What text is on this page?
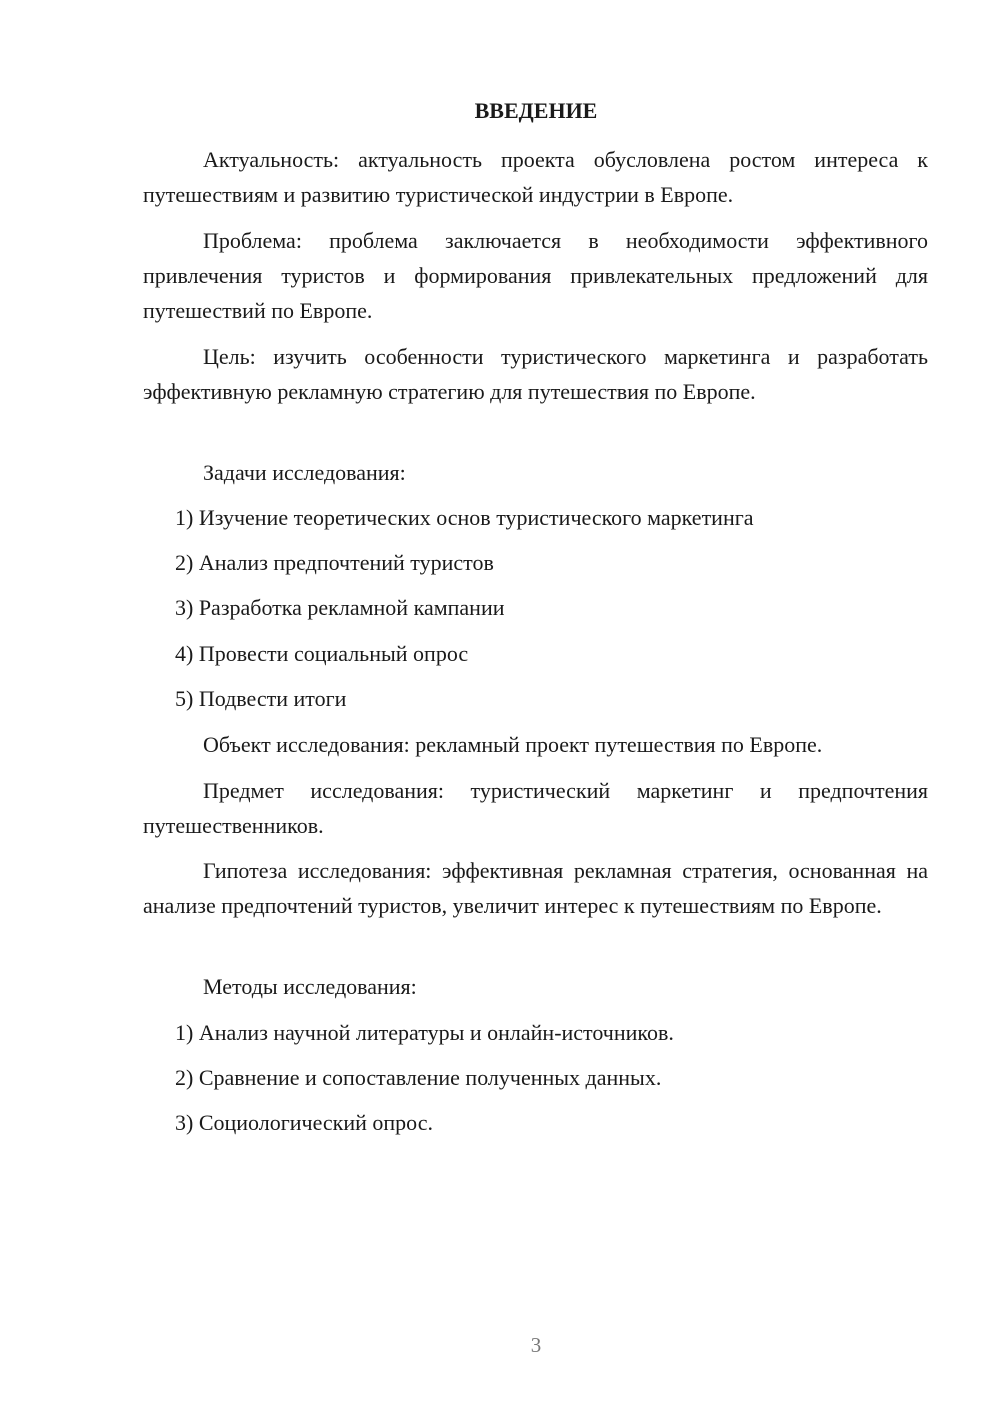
ВВЕДЕНИЕ

Актуальность: актуальность проекта обусловлена ростом интереса к путешествиям и развитию туристической индустрии в Европе.

Проблема: проблема заключается в необходимости эффективного привлечения туристов и формирования привлекательных предложений для путешествий по Европе.

Цель: изучить особенности туристического маркетинга и разработать эффективную рекламную стратегию для путешествия по Европе.

Задачи исследования:

1) Изучение теоретических основ туристического маркетинга

2) Анализ предпочтений туристов

3) Разработка рекламной кампании

4) Провести социальный опрос

5) Подвести итоги

Объект исследования: рекламный проект путешествия по Европе.

Предмет исследования: туристический маркетинг и предпочтения путешественников.

Гипотеза исследования: эффективная рекламная стратегия, основанная на анализе предпочтений туристов, увеличит интерес к путешествиям по Европе.

Методы исследования:

1) Анализ научной литературы и онлайн-источников.

2) Сравнение и сопоставление полученных данных.

3) Социологический опрос.

3
